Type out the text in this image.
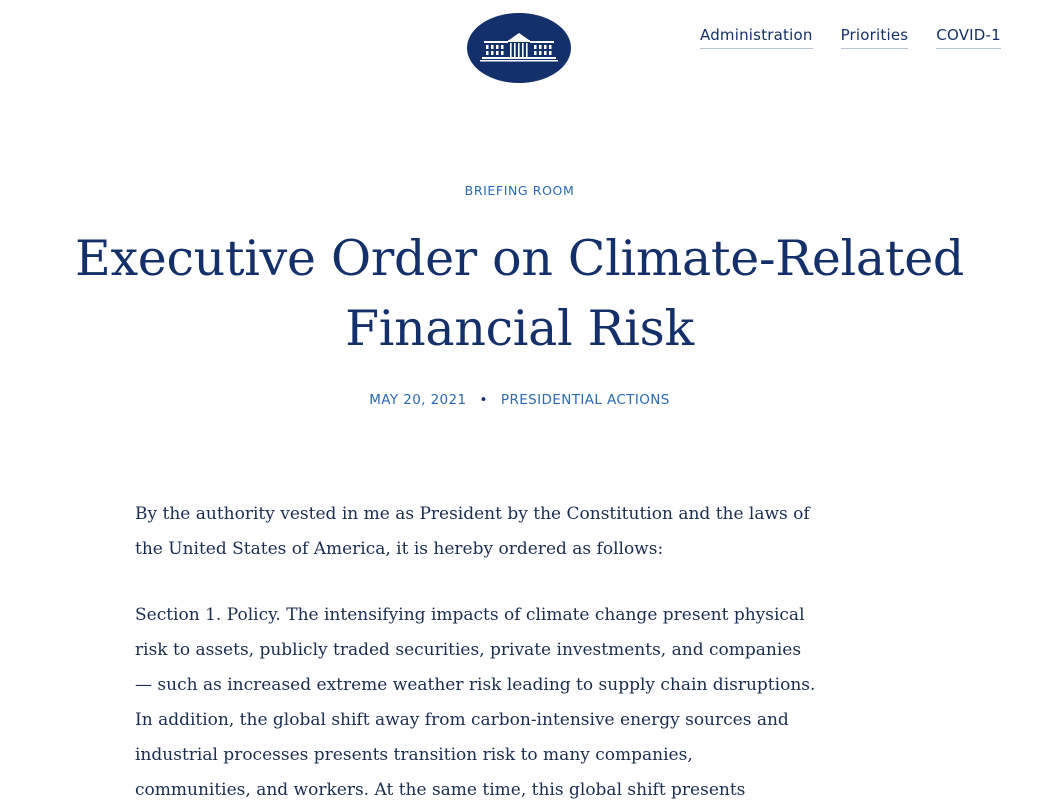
Administration Priorities COVID-1
BRIEFING ROOM
Executive Order on Climate-Related Financial Risk
MAY 20, 2021 • PRESIDENTIAL ACTIONS

By the authority vested in me as President by the Constitution and the laws of
the United States of America, it is hereby ordered as follows:

Section 1. Policy. The intensifying impacts of climate change present physical
risk to assets, publicly traded securities, private investments, and companies
— such as increased extreme weather risk leading to supply chain disruptions.
In addition, the global shift away from carbon-intensive energy sources and
industrial processes presents transition risk to many companies,
communities, and workers. At the same time, this global shift presents
